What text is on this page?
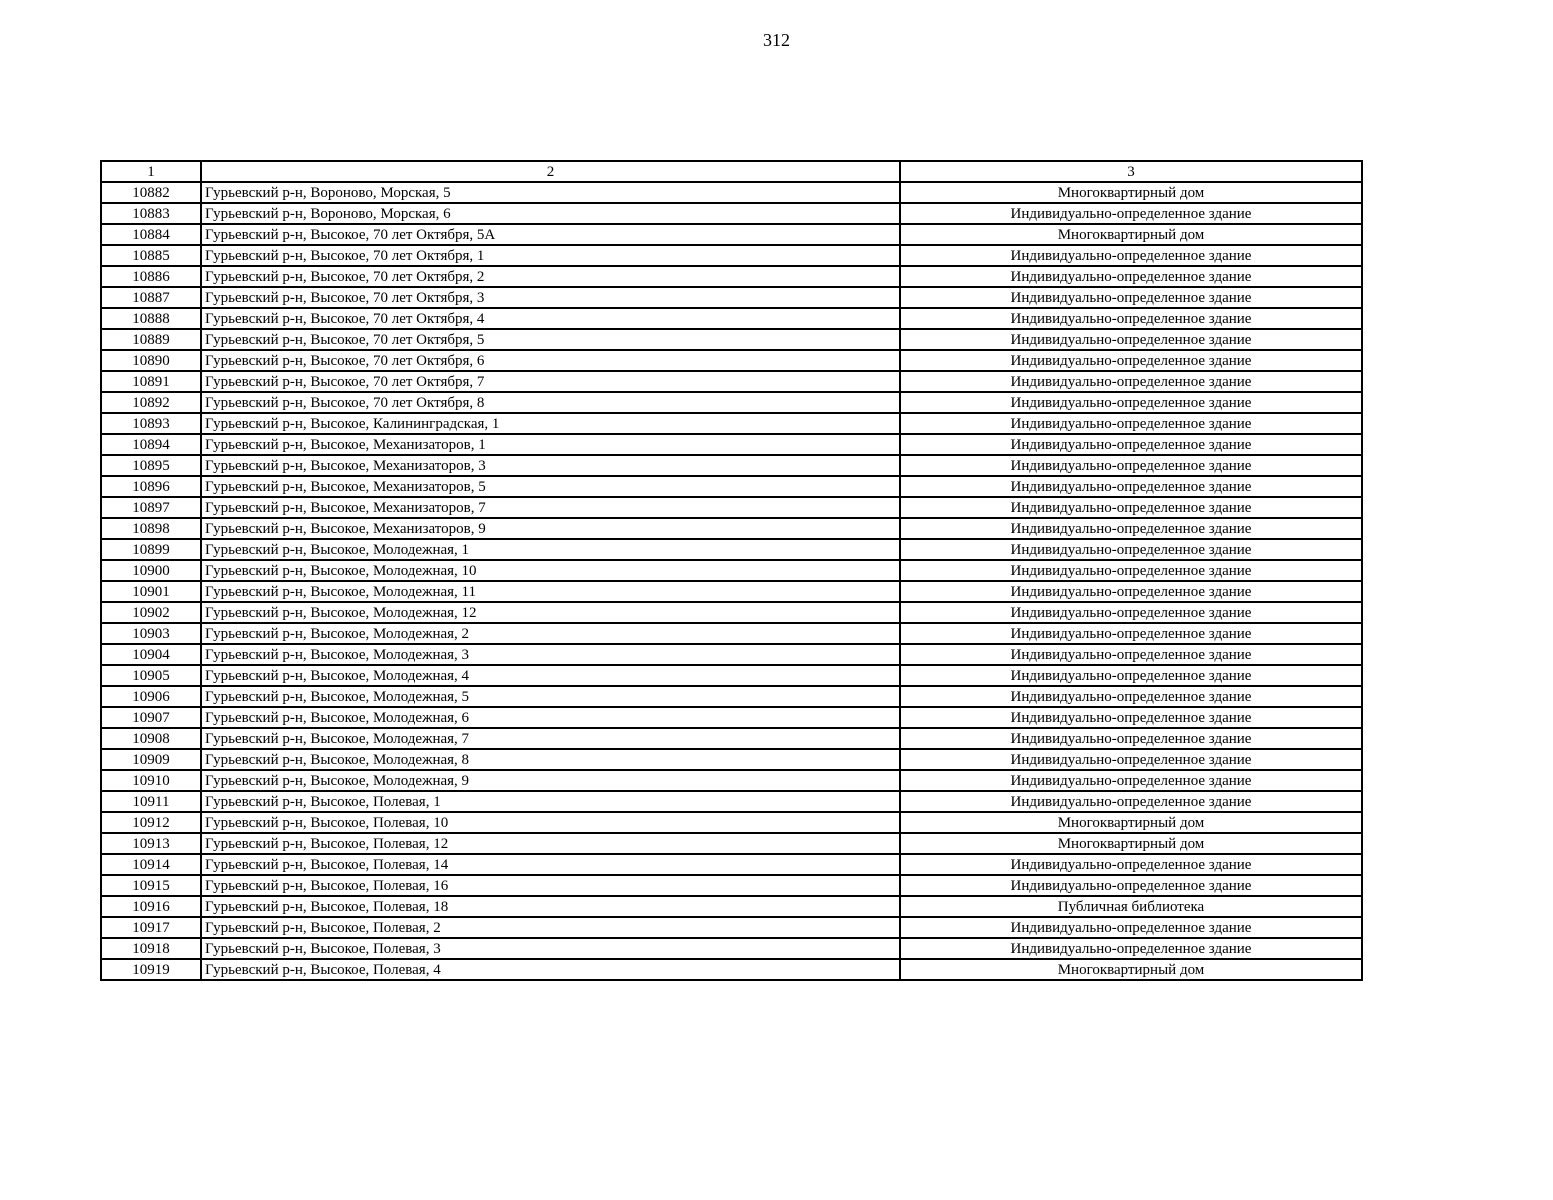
312
1	2	3
10882	Гурьевский р-н, Вороново, Морская, 5	Многоквартирный дом
10883	Гурьевский р-н, Вороново, Морская, 6	Индивидуально-определенное здание
10884	Гурьевский р-н, Высокое, 70 лет Октября, 5А	Многоквартирный дом
10885	Гурьевский р-н, Высокое, 70 лет Октября, 1	Индивидуально-определенное здание
10886	Гурьевский р-н, Высокое, 70 лет Октября, 2	Индивидуально-определенное здание
10887	Гурьевский р-н, Высокое, 70 лет Октября, 3	Индивидуально-определенное здание
10888	Гурьевский р-н, Высокое, 70 лет Октября, 4	Индивидуально-определенное здание
10889	Гурьевский р-н, Высокое, 70 лет Октября, 5	Индивидуально-определенное здание
10890	Гурьевский р-н, Высокое, 70 лет Октября, 6	Индивидуально-определенное здание
10891	Гурьевский р-н, Высокое, 70 лет Октября, 7	Индивидуально-определенное здание
10892	Гурьевский р-н, Высокое, 70 лет Октября, 8	Индивидуально-определенное здание
10893	Гурьевский р-н, Высокое, Калининградская, 1	Индивидуально-определенное здание
10894	Гурьевский р-н, Высокое, Механизаторов, 1	Индивидуально-определенное здание
10895	Гурьевский р-н, Высокое, Механизаторов, 3	Индивидуально-определенное здание
10896	Гурьевский р-н, Высокое, Механизаторов, 5	Индивидуально-определенное здание
10897	Гурьевский р-н, Высокое, Механизаторов, 7	Индивидуально-определенное здание
10898	Гурьевский р-н, Высокое, Механизаторов, 9	Индивидуально-определенное здание
10899	Гурьевский р-н, Высокое, Молодежная, 1	Индивидуально-определенное здание
10900	Гурьевский р-н, Высокое, Молодежная, 10	Индивидуально-определенное здание
10901	Гурьевский р-н, Высокое, Молодежная, 11	Индивидуально-определенное здание
10902	Гурьевский р-н, Высокое, Молодежная, 12	Индивидуально-определенное здание
10903	Гурьевский р-н, Высокое, Молодежная, 2	Индивидуально-определенное здание
10904	Гурьевский р-н, Высокое, Молодежная, 3	Индивидуально-определенное здание
10905	Гурьевский р-н, Высокое, Молодежная, 4	Индивидуально-определенное здание
10906	Гурьевский р-н, Высокое, Молодежная, 5	Индивидуально-определенное здание
10907	Гурьевский р-н, Высокое, Молодежная, 6	Индивидуально-определенное здание
10908	Гурьевский р-н, Высокое, Молодежная, 7	Индивидуально-определенное здание
10909	Гурьевский р-н, Высокое, Молодежная, 8	Индивидуально-определенное здание
10910	Гурьевский р-н, Высокое, Молодежная, 9	Индивидуально-определенное здание
10911	Гурьевский р-н, Высокое, Полевая, 1	Индивидуально-определенное здание
10912	Гурьевский р-н, Высокое, Полевая, 10	Многоквартирный дом
10913	Гурьевский р-н, Высокое, Полевая, 12	Многоквартирный дом
10914	Гурьевский р-н, Высокое, Полевая, 14	Индивидуально-определенное здание
10915	Гурьевский р-н, Высокое, Полевая, 16	Индивидуально-определенное здание
10916	Гурьевский р-н, Высокое, Полевая, 18	Публичная библиотека
10917	Гурьевский р-н, Высокое, Полевая, 2	Индивидуально-определенное здание
10918	Гурьевский р-н, Высокое, Полевая, 3	Индивидуально-определенное здание
10919	Гурьевский р-н, Высокое, Полевая, 4	Многоквартирный дом
